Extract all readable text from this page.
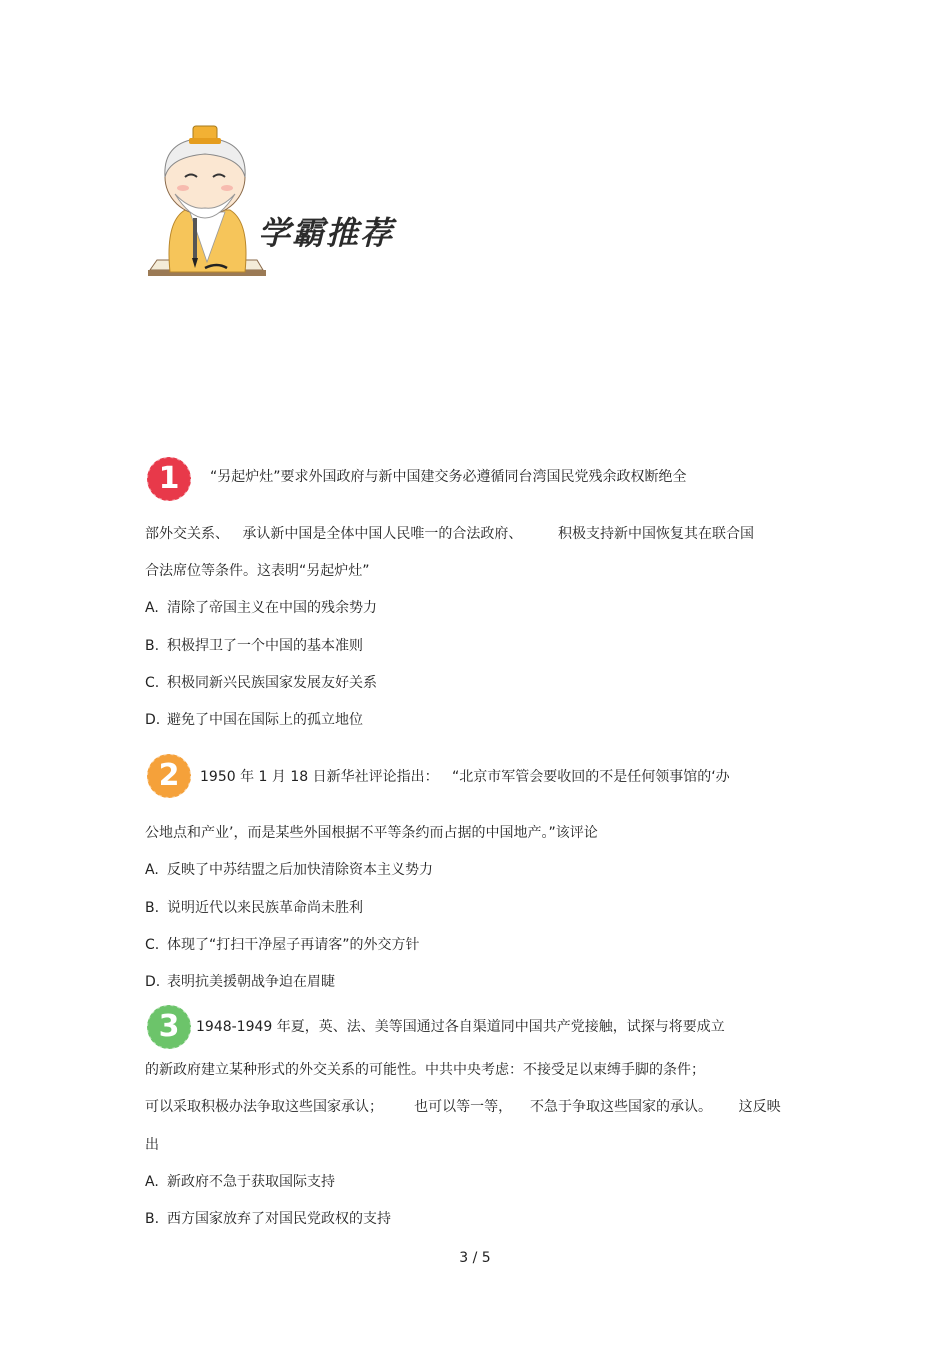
学霸推荐
1	“另起炉灶”要求外国政府与新中国建交务必遵循同台湾国民党残余政权断绝全
部外交关系、   承认新中国是全体中国人民唯一的合法政府、        积极支持新中国恢复其在联合国
合法席位等条件。这表明“另起炉灶”
A. 清除了帝国主义在中国的残余势力
B. 积极捍卫了一个中国的基本准则
C. 积极同新兴民族国家发展友好关系
D. 避免了中国在国际上的孤立地位
2	1950 年 1 月 18 日新华社评论指出：   “北京市军管会要收回的不是任何领事馆的‘办
公地点和产业’，而是某些外国根据不平等条约而占据的中国地产。”该评论
A. 反映了中苏结盟之后加快清除资本主义势力
B. 说明近代以来民族革命尚未胜利
C. 体现了“打扫干净屋子再请客”的外交方针
D. 表明抗美援朝战争迫在眉睫
3	1948-1949 年夏，英、法、美等国通过各自渠道同中国共产党接触，试探与将要成立
的新政府建立某种形式的外交关系的可能性。中共中央考虑：不接受足以束缚手脚的条件；
可以采取积极办法争取这些国家承认；       也可以等一等，    不急于争取这些国家的承认。      这反映
出
A. 新政府不急于获取国际支持
B. 西方国家放弃了对国民党政权的支持
3 / 5
